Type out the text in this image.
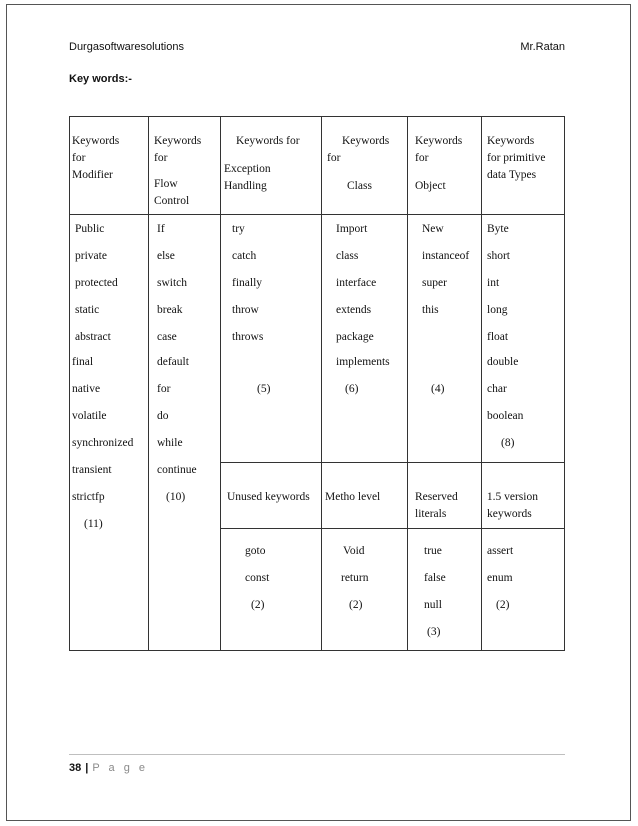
Durgasoftwaresolutions	Mr.Ratan
Key words:-
Keywords
for
Modifier
Keywords
for
Flow
Control
Keywords for
Exception
Handling
Keywords
for
Class
Keywords
for
Object
Keywords
for primitive
data Types
Public
private
protected
static
abstract
final
native
volatile
synchronized
transient
strictfp
(11)
If
else
switch
break
case
default
for
do
while
continue
(10)
try
catch
finally
throw
throws
(5)
Import
class
interface
extends
package
implements
(6)
New
instanceof
super
this
(4)
Byte
short
int
long
float
double
char
boolean
(8)
Unused keywords Metho level	Reserved
literals
1.5 version
keywords
goto
const
(2)
Void
return
(2)
true
false
null
(3)
assert
enum
(2)
38 | P a g e
